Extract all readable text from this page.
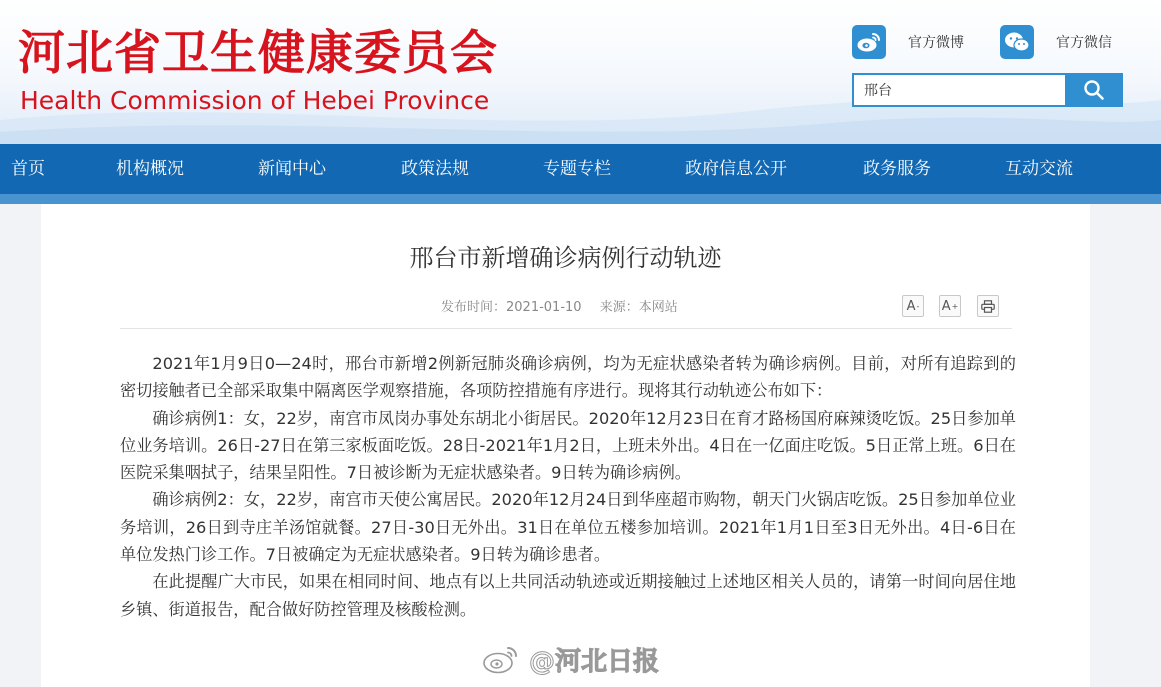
河北省卫生健康委员会
Health Commission of Hebei Province
官方微博	官方微信
邢台
首页	机构概况	新闻中心	政策法规	专题专栏	政府信息公开	政务服务	互动交流
邢台市新增确诊病例行动轨迹
发布时间：2021-01-10 来源：本网站	A - A +

2021年1月9日0—24时，邢台市新增2例新冠肺炎确诊病例，均为无症状感染者转为确诊病例。目前，对所有追踪到的密切接触者已全部采取集中隔离医学观察措施，各项防控措施有序进行。现将其行动轨迹公布如下：

确诊病例1：女，22岁，南宫市凤岗办事处东胡北小街居民。2020年12月23日在育才路杨国府麻辣烫吃饭。25日参加单位业务培训。26日-27日在第三家板面吃饭。28日-2021年1月2日，上班未外出。4日在一亿面庄吃饭。5日正常上班。6日在医院采集咽拭子，结果呈阳性。7日被诊断为无症状感染者。9日转为确诊病例。

确诊病例2：女，22岁，南宫市天使公寓居民。2020年12月24日到华座超市购物，朝天门火锅店吃饭。25日参加单位业务培训，26日到寺庄羊汤馆就餐。27日-30日无外出。31日在单位五楼参加培训。2021年1月1日至3日无外出。4日-6日在单位发热门诊工作。7日被确定为无症状感染者。9日转为确诊患者。

在此提醒广大市民，如果在相同时间、地点有以上共同活动轨迹或近期接触过上述地区相关人员的，请第一时间向居住地乡镇、街道报告，配合做好防控管理及核酸检测。

@河北日报
